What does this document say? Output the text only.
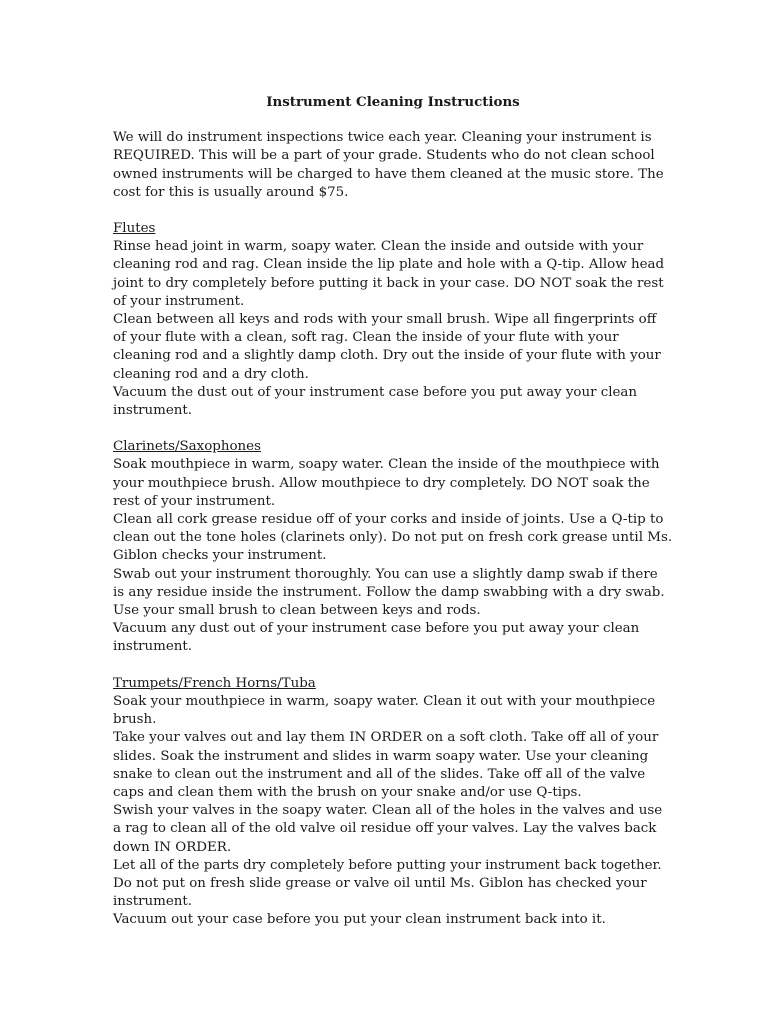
Instrument Cleaning Instructions

We will do instrument inspections twice each year. Cleaning your instrument is REQUIRED. This will be a part of your grade. Students who do not clean school owned instruments will be charged to have them cleaned at the music store. The cost for this is usually around $75.

Flutes

Rinse head joint in warm, soapy water. Clean the inside and outside with your cleaning rod and rag. Clean inside the lip plate and hole with a Q-tip. Allow head joint to dry completely before putting it back in your case. DO NOT soak the rest of your instrument.

Clean between all keys and rods with your small brush. Wipe all fingerprints off of your flute with a clean, soft rag. Clean the inside of your flute with your cleaning rod and a slightly damp cloth. Dry out the inside of your flute with your cleaning rod and a dry cloth.

Vacuum the dust out of your instrument case before you put away your clean instrument.

Clarinets/Saxophones

Soak mouthpiece in warm, soapy water. Clean the inside of the mouthpiece with your mouthpiece brush. Allow mouthpiece to dry completely. DO NOT soak the rest of your instrument.

Clean all cork grease residue off of your corks and inside of joints. Use a Q-tip to clean out the tone holes (clarinets only). Do not put on fresh cork grease until Ms. Giblon checks your instrument.

Swab out your instrument thoroughly. You can use a slightly damp swab if there is any residue inside the instrument. Follow the damp swabbing with a dry swab.

Use your small brush to clean between keys and rods.

Vacuum any dust out of your instrument case before you put away your clean instrument.

Trumpets/French Horns/Tuba

Soak your mouthpiece in warm, soapy water. Clean it out with your mouthpiece brush.

Take your valves out and lay them IN ORDER on a soft cloth. Take off all of your slides. Soak the instrument and slides in warm soapy water. Use your cleaning snake to clean out the instrument and all of the slides. Take off all of the valve caps and clean them with the brush on your snake and/or use Q-tips.

Swish your valves in the soapy water. Clean all of the holes in the valves and use a rag to clean all of the old valve oil residue off your valves. Lay the valves back down IN ORDER.

Let all of the parts dry completely before putting your instrument back together. Do not put on fresh slide grease or valve oil until Ms. Giblon has checked your instrument.

Vacuum out your case before you put your clean instrument back into it.
